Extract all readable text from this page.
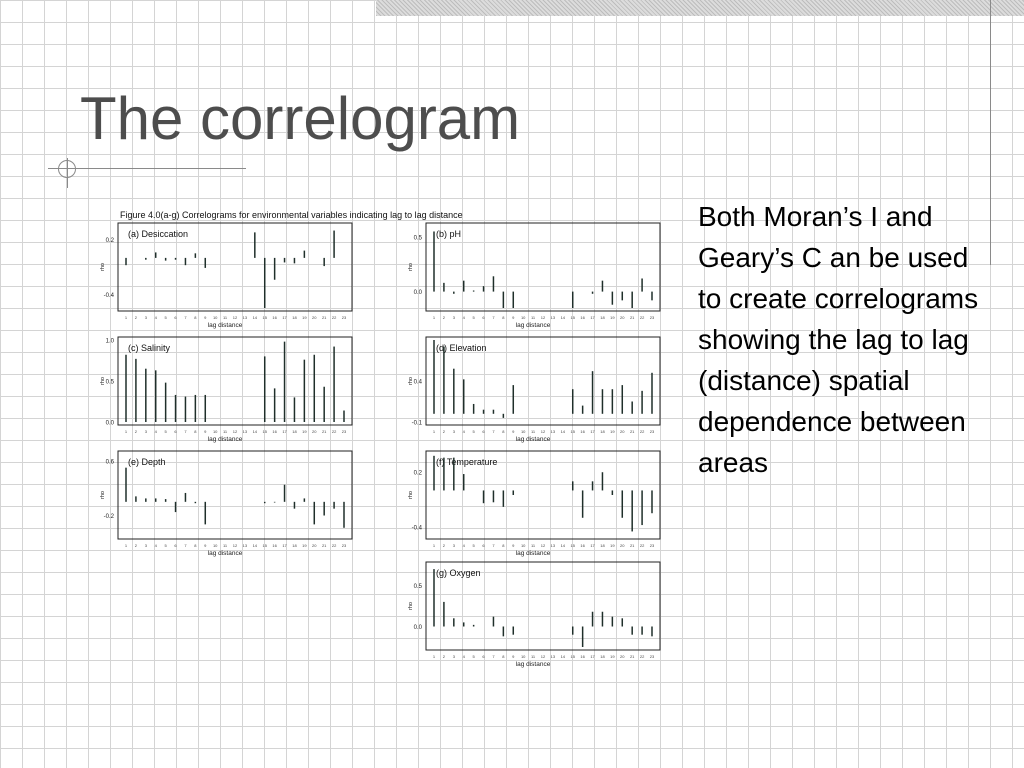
The correlogram

Both Moran’s I and Geary’s C an be used to create correlograms showing the lag to lag (distance) spatial dependence between areas

Figure 4.0(a-g) Correlograms for environmental variables indicating lag to lag distance
(a) Desiccation
0.2
-0.4
rho
1 2 3 4 5 6 7 8 9 10 11 12 13 14 15 16 17 18 19 20 21 22 23
lag distance
(b) pH
0.5
0.0
rho
1 2 3 4 5 6 7 8 9 10 11 12 13 14 15 16 17 18 19 20 21 22 23
lag distance
(c) Salinity
1.0
0.5
0.0
rho
1 2 3 4 5 6 7 8 9 10 11 12 13 14 15 16 17 18 19 20 21 22 23
lag distance
(d) Elevation
0.4
-0.1
rho
1 2 3 4 5 6 7 8 9 10 11 12 13 14 15 16 17 18 19 20 21 22 23
lag distance
(e) Depth
0.6
-0.2
rho
1 2 3 4 5 6 7 8 9 10 11 12 13 14 15 16 17 18 19 20 21 22 23
lag distance
(f) Temperature
0.2
-0.4
rho
1 2 3 4 5 6 7 8 9 10 11 12 13 14 15 16 17 18 19 20 21 22 23
lag distance
(g) Oxygen
0.5
0.0
rho
1 2 3 4 5 6 7 8 9 10 11 12 13 14 15 16 17 18 19 20 21 22 23
lag distance
